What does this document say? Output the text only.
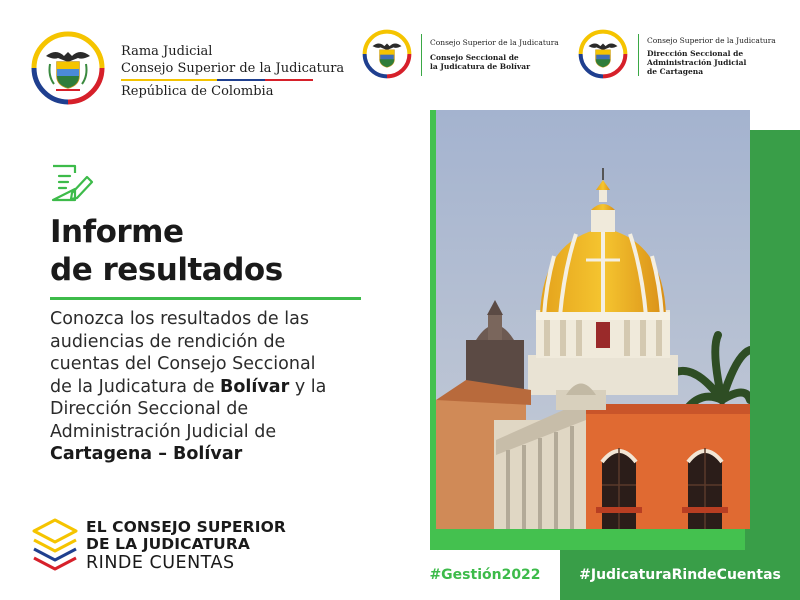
Rama Judicial
Consejo Superior de la Judicatura
República de Colombia
Consejo Superior de la Judicatura
Consejo Seccional de
la Judicatura de Bolívar
Consejo Superior de la Judicatura
Dirección Seccional de
Administración Judicial
de Cartagena
Informe
de resultados
Conozca los resultados de las audiencias de rendición de cuentas del Consejo Seccional de la Judicatura de Bolívar y la Dirección Seccional de Administración Judicial de Cartagena – Bolívar
EL CONSEJO SUPERIOR
DE LA JUDICATURA
RINDE CUENTAS
#Gestión2022	#JudicaturaRindeCuentas
